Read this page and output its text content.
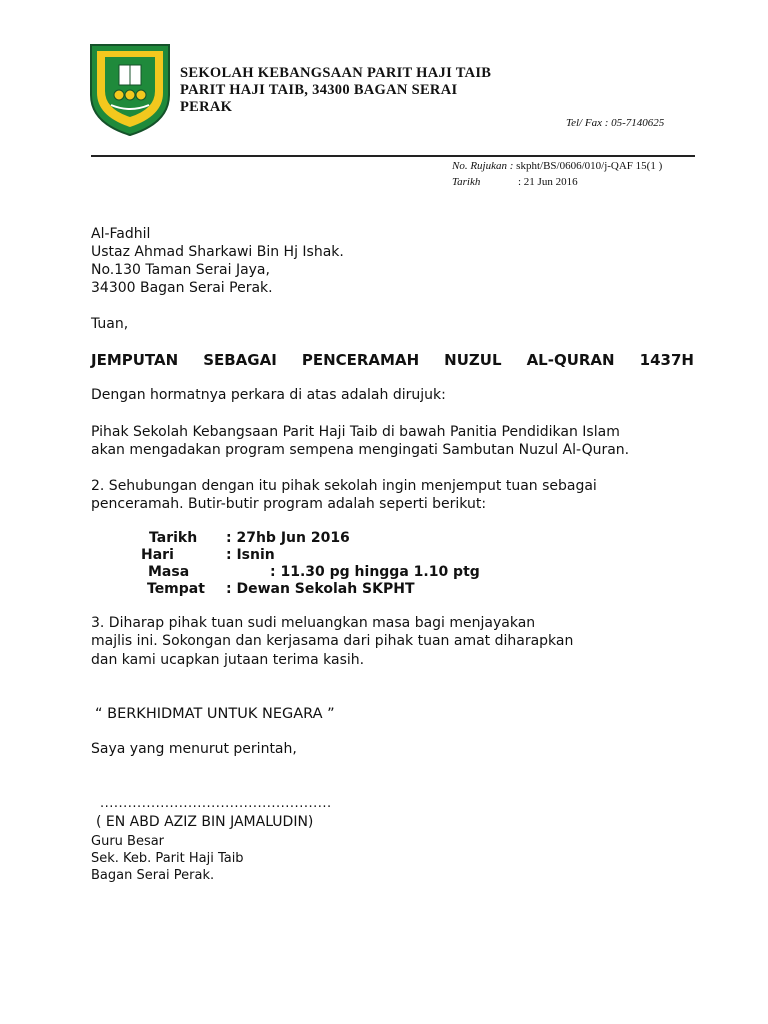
SEKOLAH KEBANGSAAN PARIT HAJI TAIB
PARIT HAJI TAIB, 34300 BAGAN SERAI
PERAK
Tel/ Fax : 05-7140625
No. Rujukan : skpht/BS/0606/010/j-QAF 15(1 )
Tarikh	: 21 Jun 2016
Al-Fadhil
Ustaz Ahmad Sharkawi Bin Hj Ishak.
No.130 Taman Serai Jaya,
34300 Bagan Serai Perak.
Tuan,
JEMPUTAN SEBAGAI PENCERAMAH NUZUL AL-QURAN 1437H
Dengan hormatnya perkara di atas adalah dirujuk:
Pihak Sekolah Kebangsaan Parit Haji Taib di bawah Panitia Pendidikan Islam
akan mengadakan program sempena mengingati Sambutan Nuzul Al-Quran.
2. Sehubungan dengan itu pihak sekolah ingin menjemput tuan sebagai
penceramah. Butir-butir program adalah seperti berikut:
Tarikh : 27hb Jun 2016
Hari	: Isnin
Masa	: 11.30 pg hingga 1.10 ptg
Tempat : Dewan Sekolah SKPHT
3. Diharap pihak tuan sudi meluangkan masa bagi menjayakan
majlis ini. Sokongan dan kerjasama dari pihak tuan amat diharapkan
dan kami ucapkan jutaan terima kasih.
“ BERKHIDMAT UNTUK NEGARA ”
Saya yang menurut perintah,
..................................................
( EN ABD AZIZ BIN JAMALUDIN)
Guru Besar
Sek. Keb. Parit Haji Taib
Bagan Serai Perak.
